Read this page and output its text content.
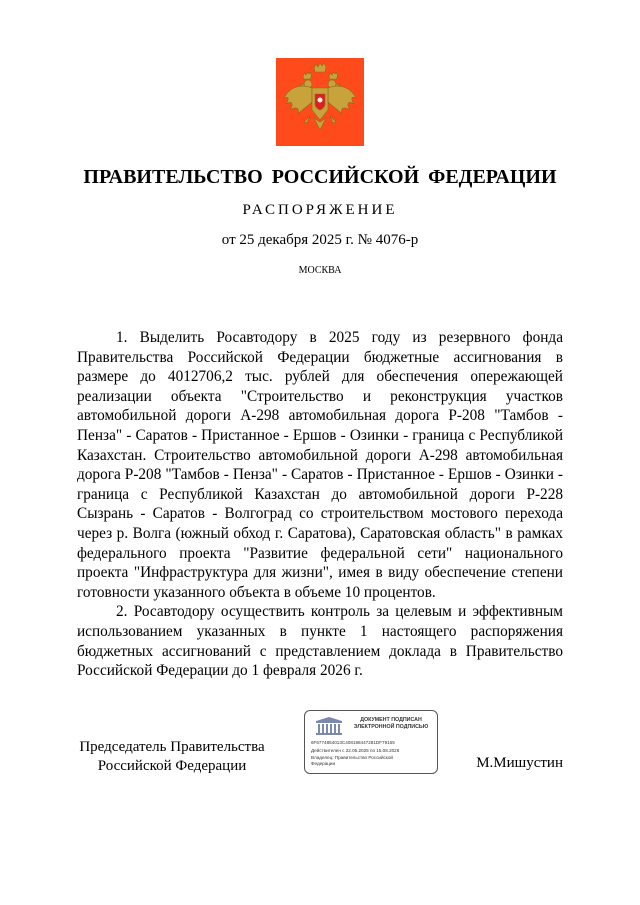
ПРАВИТЕЛЬСТВО РОССИЙСКОЙ ФЕДЕРАЦИИ
РАСПОРЯЖЕНИЕ
от 25 декабря 2025 г. № 4076-р
МОСКВА

1. Выделить Росавтодору в 2025 году из резервного фонда Правительства Российской Федерации бюджетные ассигнования в размере до 4012706,2 тыс. рублей для обеспечения опережающей реализации объекта "Строительство и реконструкция участков автомобильной дороги А-298 автомобильная дорога Р-208 "Тамбов - Пенза" - Саратов - Пристанное - Ершов - Озинки - граница с Республикой Казахстан. Строительство автомобильной дороги А-298 автомобильная дорога Р-208 "Тамбов - Пенза" - Саратов - Пристанное - Ершов - Озинки - граница с Республикой Казахстан до автомобильной дороги Р-228 Сызрань - Саратов - Волгоград со строительством мостового перехода через р. Волга (южный обход г. Саратова), Саратовская область" в рамках федерального проекта "Развитие федеральной сети" национального проекта "Инфраструктура для жизни", имея в виду обеспечение степени готовности указанного объекта в объеме 10 процентов.

2. Росавтодору осуществить контроль за целевым и эффективным использованием указанных в пункте 1 настоящего распоряжения бюджетных ассигнований с представлением доклада в Правительство Российской Федерации до 1 февраля 2026 г.

Председатель Правительства
Российской Федерации
ДОКУМЕНТ ПОДПИСАН
ЭЛЕКТРОННОЙ ПОДПИСЬЮ
6F6774854013C408188447281DF79155
Действителен с 22.05.2025 по 15.08.2026
Владелец: Правительство Российской
Федерации	М.Мишустин
